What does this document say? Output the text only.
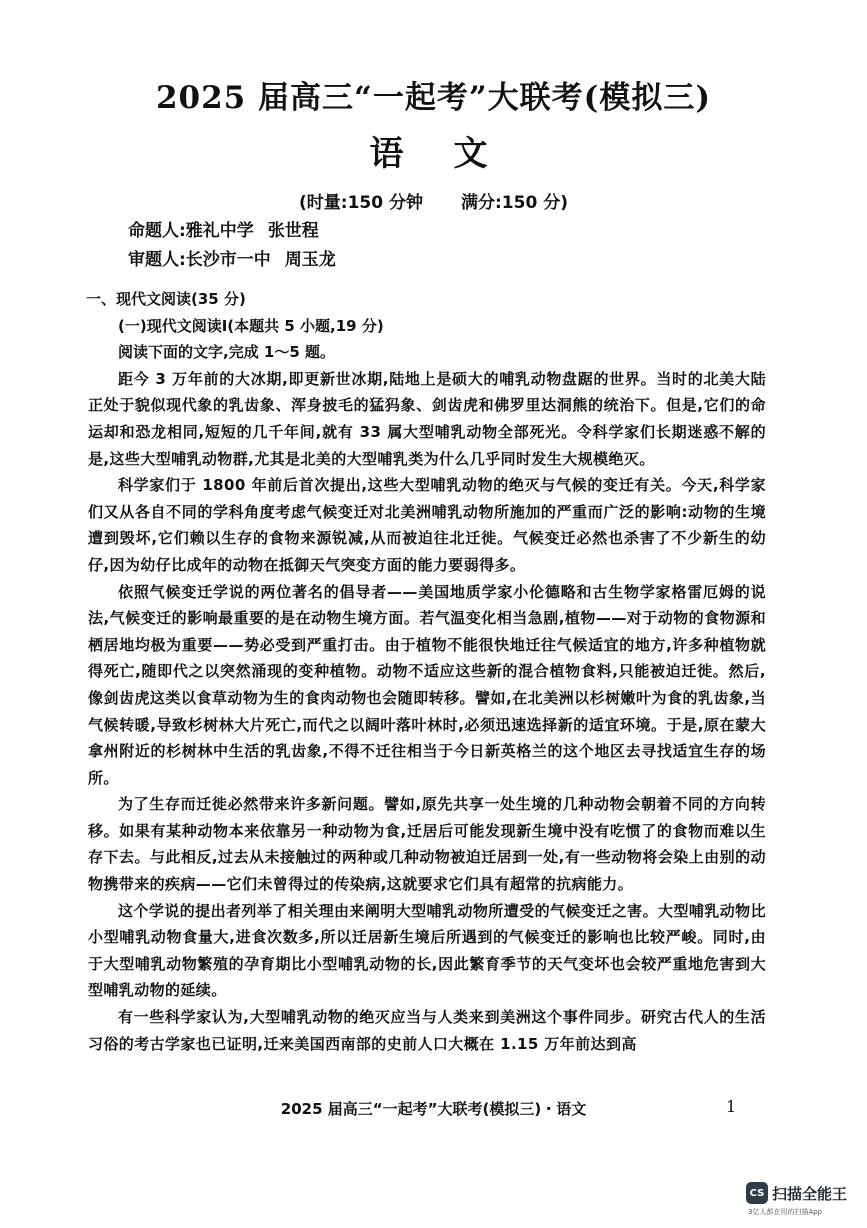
2025 届高三“一起考”大联考(模拟三)
语 文
(时量:150 分钟 满分:150 分)
命题人:雅礼中学 张世程
审题人:长沙市一中 周玉龙

一、现代文阅读(35 分)

(一)现代文阅读Ⅰ(本题共 5 小题,19 分)

阅读下面的文字,完成 1～5 题。

距今 3 万年前的大冰期,即更新世冰期,陆地上是硕大的哺乳动物盘踞的世界。当时的北美大陆正处于貌似现代象的乳齿象、浑身披毛的猛犸象、剑齿虎和佛罗里达洞熊的统治下。但是,它们的命运却和恐龙相同,短短的几千年间,就有 33 属大型哺乳动物全部死光。令科学家们长期迷惑不解的是,这些大型哺乳动物群,尤其是北美的大型哺乳类为什么几乎同时发生大规模绝灭。

科学家们于 1800 年前后首次提出,这些大型哺乳动物的绝灭与气候的变迁有关。今天,科学家们又从各自不同的学科角度考虑气候变迁对北美洲哺乳动物所施加的严重而广泛的影响:动物的生境遭到毁坏,它们赖以生存的食物来源锐减,从而被迫往北迁徙。气候变迁必然也杀害了不少新生的幼仔,因为幼仔比成年的动物在抵御天气突变方面的能力要弱得多。

依照气候变迁学说的两位著名的倡导者——美国地质学家小伦德略和古生物学家格雷厄姆的说法,气候变迁的影响最重要的是在动物生境方面。若气温变化相当急剧,植物——对于动物的食物源和栖居地均极为重要——势必受到严重打击。由于植物不能很快地迁往气候适宜的地方,许多种植物就得死亡,随即代之以突然涌现的变种植物。动物不适应这些新的混合植物食料,只能被迫迁徙。然后,像剑齿虎这类以食草动物为生的食肉动物也会随即转移。譬如,在北美洲以杉树嫩叶为食的乳齿象,当气候转暖,导致杉树林大片死亡,而代之以阔叶落叶林时,必须迅速选择新的适宜环境。于是,原在蒙大拿州附近的杉树林中生活的乳齿象,不得不迁往相当于今日新英格兰的这个地区去寻找适宜生存的场所。

为了生存而迁徙必然带来许多新问题。譬如,原先共享一处生境的几种动物会朝着不同的方向转移。如果有某种动物本来依靠另一种动物为食,迁居后可能发现新生境中没有吃惯了的食物而难以生存下去。与此相反,过去从未接触过的两种或几种动物被迫迁居到一处,有一些动物将会染上由别的动物携带来的疾病——它们未曾得过的传染病,这就要求它们具有超常的抗病能力。

这个学说的提出者列举了相关理由来阐明大型哺乳动物所遭受的气候变迁之害。大型哺乳动物比小型哺乳动物食量大,进食次数多,所以迁居新生境后所遇到的气候变迁的影响也比较严峻。同时,由于大型哺乳动物繁殖的孕育期比小型哺乳动物的长,因此繁育季节的天气变坏也会较严重地危害到大型哺乳动物的延续。

有一些科学家认为,大型哺乳动物的绝灭应当与人类来到美洲这个事件同步。研究古代人的生活习俗的考古学家也已证明,迁来美国西南部的史前人口大概在 1.15 万年前达到高

2025 届高三“一起考”大联考(模拟三)・语文	1
CS 扫描全能王
3亿人都在用的扫描App
